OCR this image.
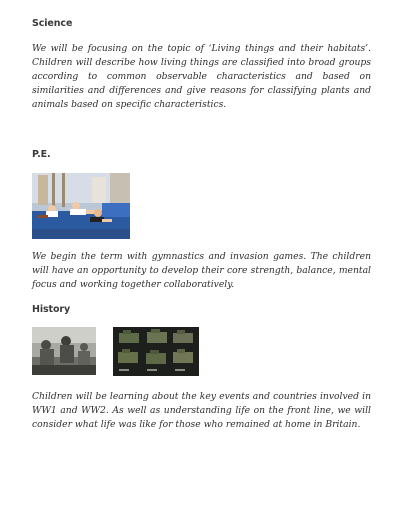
Science
We will be focusing on the topic of ‘Living things and their habitats’. Children will describe how living things are classified into broad groups according to common observable characteristics and based on similarities and differences and give reasons for classifying plants and animals based on specific characteristics.
P.E.
We begin the term with gymnastics and invasion games. The children will have an opportunity to develop their core strength, balance, mental focus and working together collaboratively.
History
Children will be learning about the key events and countries involved in WW1 and WW2. As well as understanding life on the front line, we will consider what life was like for those who remained at home in Britain.
